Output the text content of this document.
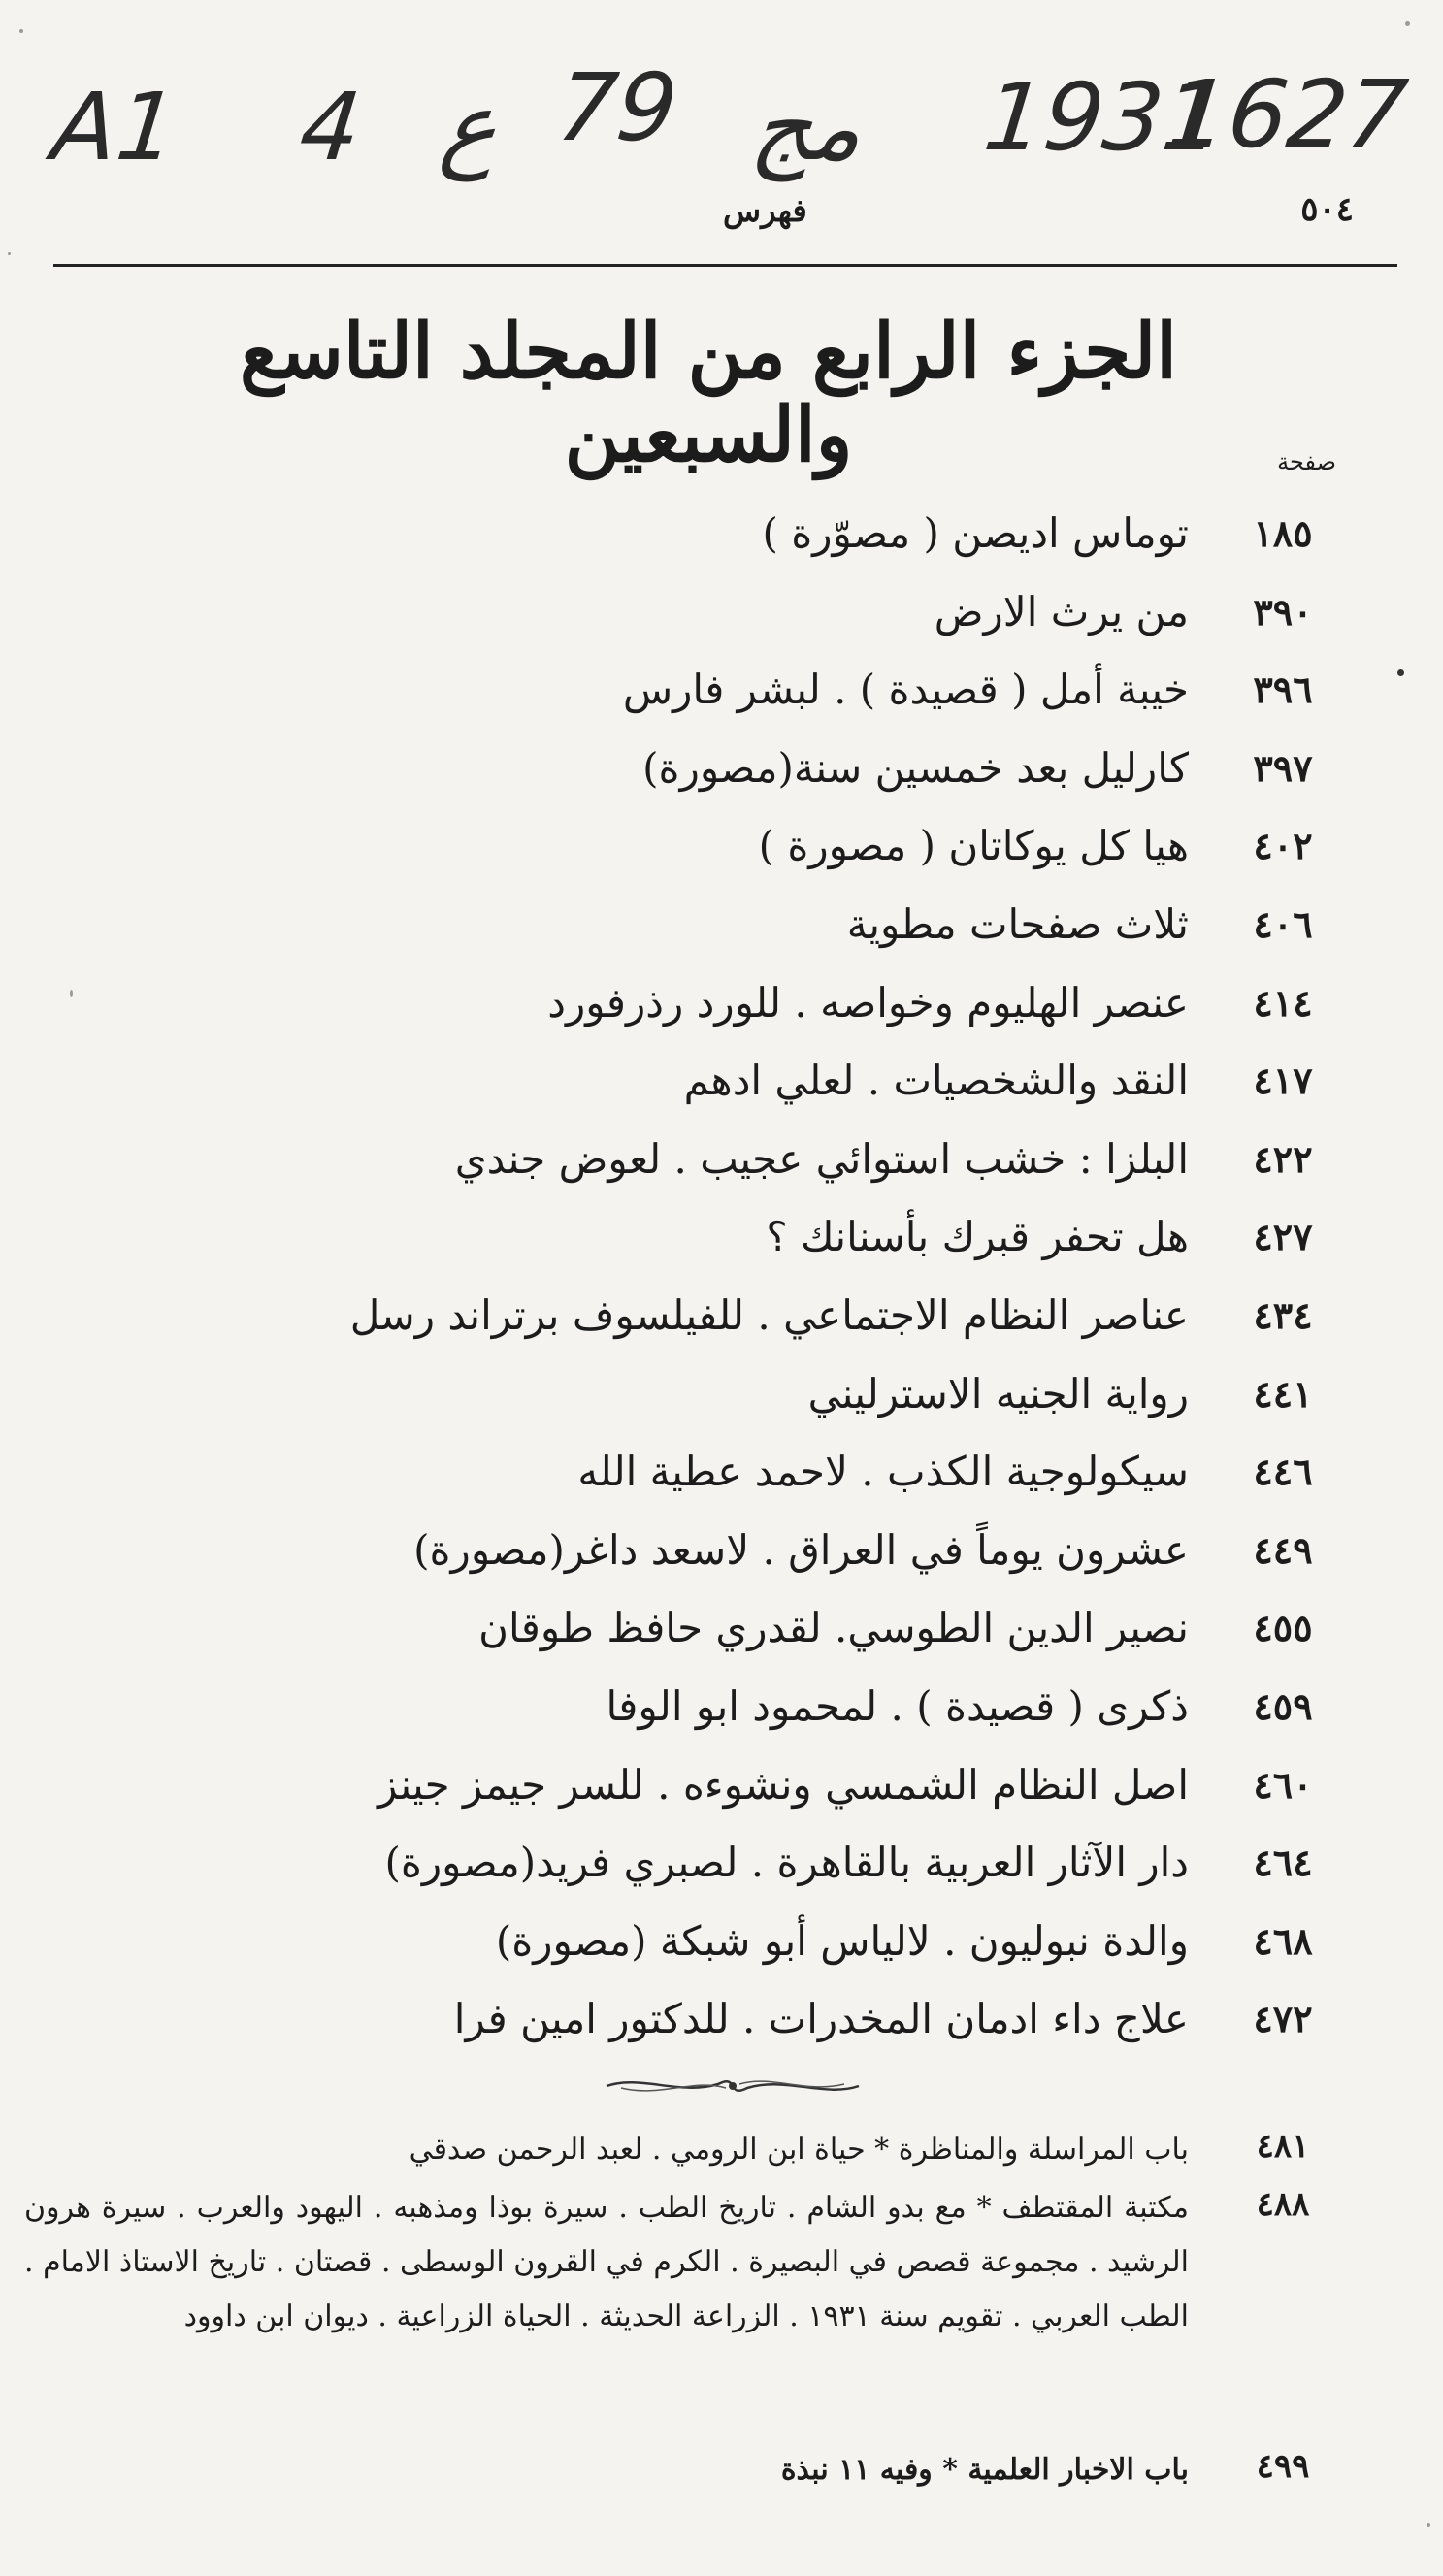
A1 4 ع 79 مج 1931
1627
٥٠٤
فهرس
الجزء الرابع من المجلد التاسع والسبعين	صفحة
١٨٥
توماس اديصن ( مصوّرة )
٣٩٠
من يرث الارض
٣٩٦
خيبة أمل ( قصيدة ) . لبشر فارس
٣٩٧
كارليل بعد خمسين سنة(مصورة)
٤٠٢
هيا كل يوكاتان ( مصورة )
٤٠٦
ثلاث صفحات مطوية
٤١٤
عنصر الهليوم وخواصه . للورد رذرفورد
٤١٧
النقد والشخصيات . لعلي ادهم
٤٢٢
البلزا : خشب استوائي عجيب . لعوض جندي
٤٢٧
هل تحفر قبرك بأسنانك ؟
٤٣٤
عناصر النظام الاجتماعي . للفيلسوف برتراند رسل
٤٤١
رواية الجنيه الاسترليني
٤٤٦
سيكولوجية الكذب . لاحمد عطية الله
٤٤٩
عشرون يوماً في العراق . لاسعد داغر(مصورة)
٤٥٥
نصير الدين الطوسي. لقدري حافظ طوقان
٤٥٩
ذكرى ( قصيدة ) . لمحمود ابو الوفا
٤٦٠
اصل النظام الشمسي ونشوءه . للسر جيمز جينز
٤٦٤
دار الآثار العربية بالقاهرة . لصبري فريد(مصورة)
٤٦٨
والدة نبوليون . لالياس أبو شبكة (مصورة)
٤٧٢
علاج داء ادمان المخدرات . للدكتور امين فرا
٤٨١
باب المراسلة والمناظرة * حياة ابن الرومي . لعبد الرحمن صدقي
٤٨٨
مكتبة المقتطف * مع بدو الشام . تاريخ الطب . سيرة بوذا ومذهبه . اليهود والعرب . سيرة هرون الرشيد . مجموعة قصص في البصيرة . الكرم في القرون الوسطى . قصتان . تاريخ الاستاذ الامام . الطب العربي . تقويم سنة ١٩٣١ . الزراعة الحديثة . الحياة الزراعية . ديوان ابن داوود
٤٩٩
باب الاخبار العلمية * وفيه ١١ نبذة
